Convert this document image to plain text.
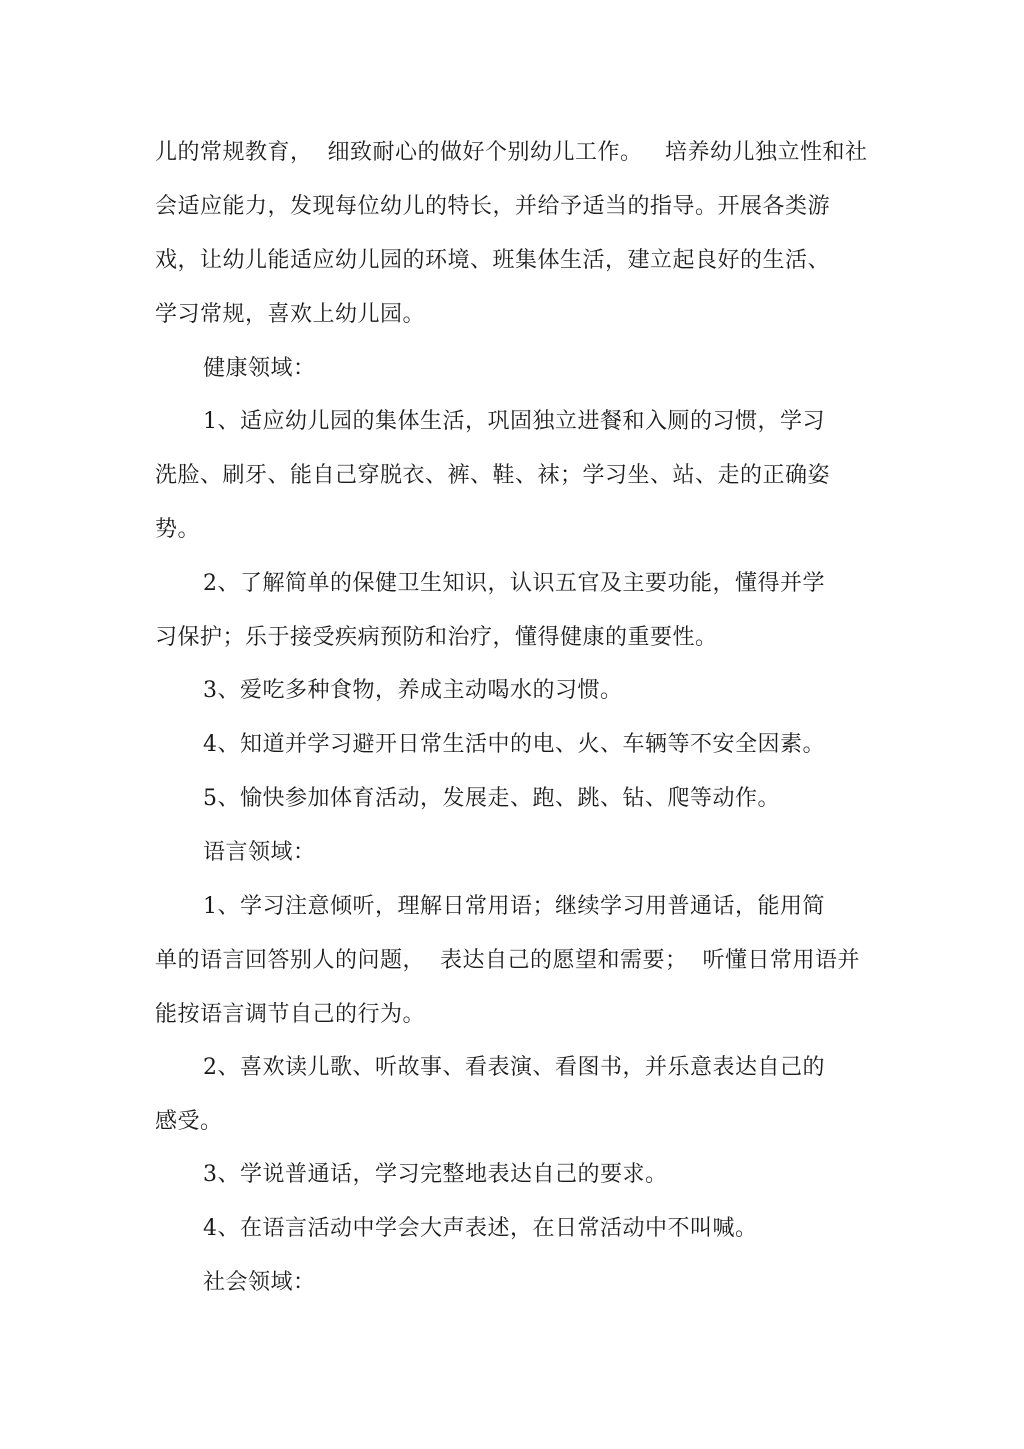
儿的常规教育，  细致耐心的做好个别幼儿工作。   培养幼儿独立性和社
会适应能力，发现每位幼儿的特长，并给予适当的指导。开展各类游
戏，让幼儿能适应幼儿园的环境、班集体生活，建立起良好的生活、
学习常规，喜欢上幼儿园。

健康领域：

1、适应幼儿园的集体生活，巩固独立进餐和入厕的习惯，学习
洗脸、刷牙、能自己穿脱衣、裤、鞋、袜；学习坐、站、走的正确姿
势。

2、了解简单的保健卫生知识，认识五官及主要功能，懂得并学
习保护；乐于接受疾病预防和治疗，懂得健康的重要性。

3、爱吃多种食物，养成主动喝水的习惯。

4、知道并学习避开日常生活中的电、火、车辆等不安全因素。

5、愉快参加体育活动，发展走、跑、跳、钻、爬等动作。

语言领域：

1、学习注意倾听，理解日常用语；继续学习用普通话，能用简
单的语言回答别人的问题，  表达自己的愿望和需要；  听懂日常用语并
能按语言调节自己的行为。

2、喜欢读儿歌、听故事、看表演、看图书，并乐意表达自己的
感受。

3、学说普通话，学习完整地表达自己的要求。

4、在语言活动中学会大声表述，在日常活动中不叫喊。

社会领域：
